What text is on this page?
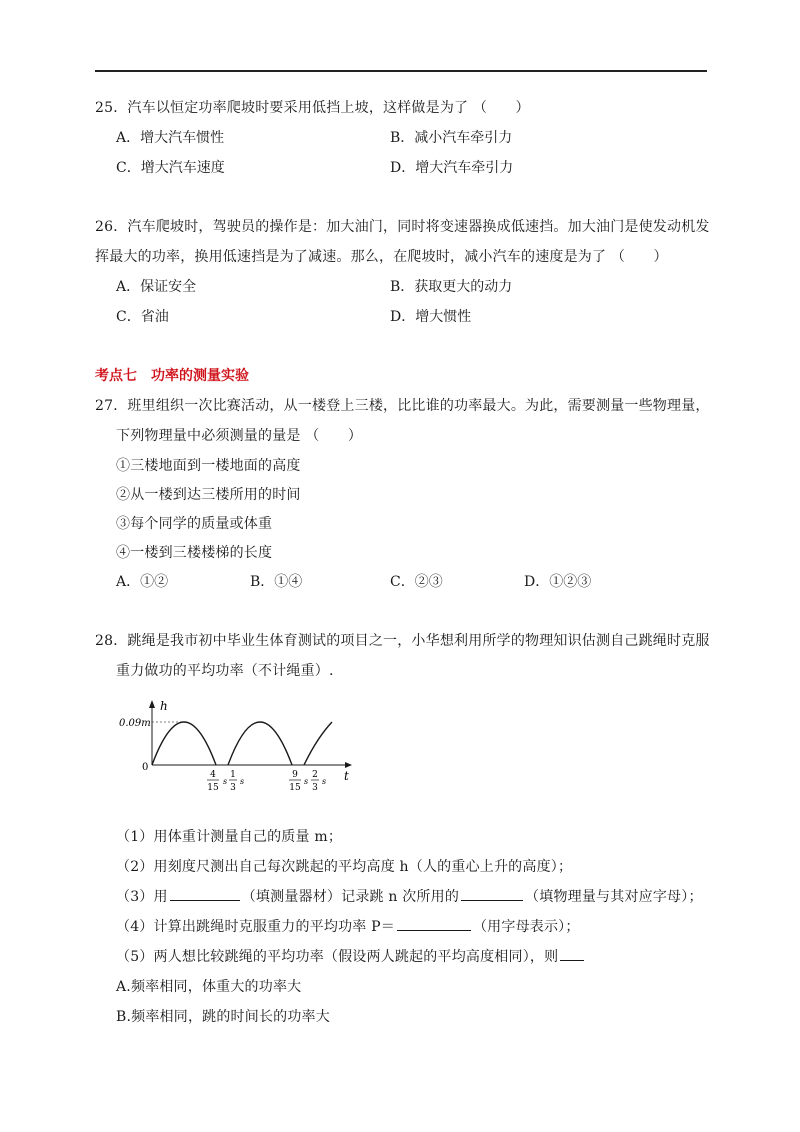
25．汽车以恒定功率爬坡时要采用低挡上坡，这样做是为了 （　　）
A．增大汽车惯性	B．减小汽车牵引力
C．增大汽车速度	D．增大汽车牵引力
26．汽车爬坡时，驾驶员的操作是：加大油门，同时将变速器换成低速挡。加大油门是使发动机发
挥最大的功率，换用低速挡是为了减速。那么，在爬坡时，减小汽车的速度是为了 （　　）
A．保证安全	B．获取更大的动力
C．省油	D．增大惯性
考点七　功率的测量实验
27．班里组织一次比赛活动，从一楼登上三楼，比比谁的功率最大。为此，需要测量一些物理量，
下列物理量中必须测量的量是 （　　）
①三楼地面到一楼地面的高度
②从一楼到达三楼所用的时间
③每个同学的质量或体重
④一楼到三楼楼梯的长度
A．①②	B．①④	C．②③	D．①②③
28．跳绳是我市初中毕业生体育测试的项目之一，小华想利用所学的物理知识估测自己跳绳时克服
重力做功的平均功率（不计绳重）.
h
t
0.09m
0
4
15
s
1
3
s
9
15
s
2
3
s
（1）用体重计测量自己的质量 m；
（2）用刻度尺测出自己每次跳起的平均高度 h（人的重心上升的高度）；
（3）用	（填测量器材）记录跳 n 次所用的	（填物理量与其对应字母）；
（4）计算出跳绳时克服重力的平均功率 P＝	（用字母表示）；
（5）两人想比较跳绳的平均功率（假设两人跳起的平均高度相同），则
A.频率相同，体重大的功率大
B.频率相同，跳的时间长的功率大
